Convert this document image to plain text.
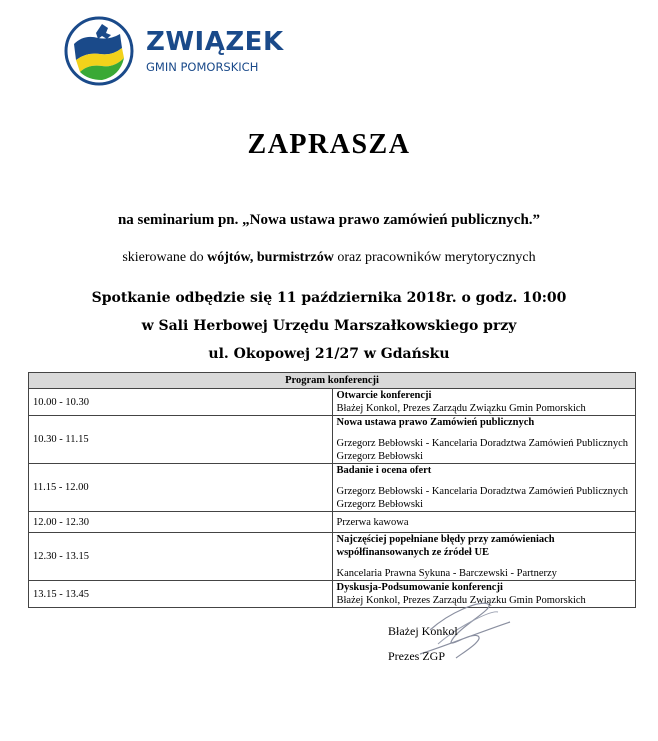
ZWIĄZEK

GMIN POMORSKICH

ZAPRASZA

na seminarium pn. „Nowa ustawa prawo zamówień publicznych.”

skierowane do wójtów, burmistrzów oraz pracowników merytorycznych

Spotkanie odbędzie się 11 października 2018r. o godz. 10:00

w Sali Herbowej Urzędu Marszałkowskiego przy

ul. Okopowej 21/27 w Gdańsku

Program konferencji	
10.00 - 10.30	Otwarcie konferencji
Błażej Konkol, Prezes Zarządu Związku Gmin Pomorskich

10.30 - 11.15	Nowa ustawa prawo Zamówień publicznych
Grzegorz Bebłowski - Kancelaria Doradztwa Zamówień Publicznych Grzegorz Bebłowski

11.15 - 12.00	Badanie i ocena ofert
Grzegorz Bebłowski - Kancelaria Doradztwa Zamówień Publicznych Grzegorz Bebłowski

12.00 - 12.30	Przerwa kawowa

12.30 - 13.15	Najczęściej popełniane błędy przy zamówieniach współfinansowanych ze źródeł UE
Kancelaria Prawna Sykuna - Barczewski - Partnerzy

13.15 - 13.45	Dyskusja-Podsumowanie konferencji
Błażej Konkol, Prezes Zarządu Związku Gmin Pomorskich

Błażej Konkol

Prezes ZGP
